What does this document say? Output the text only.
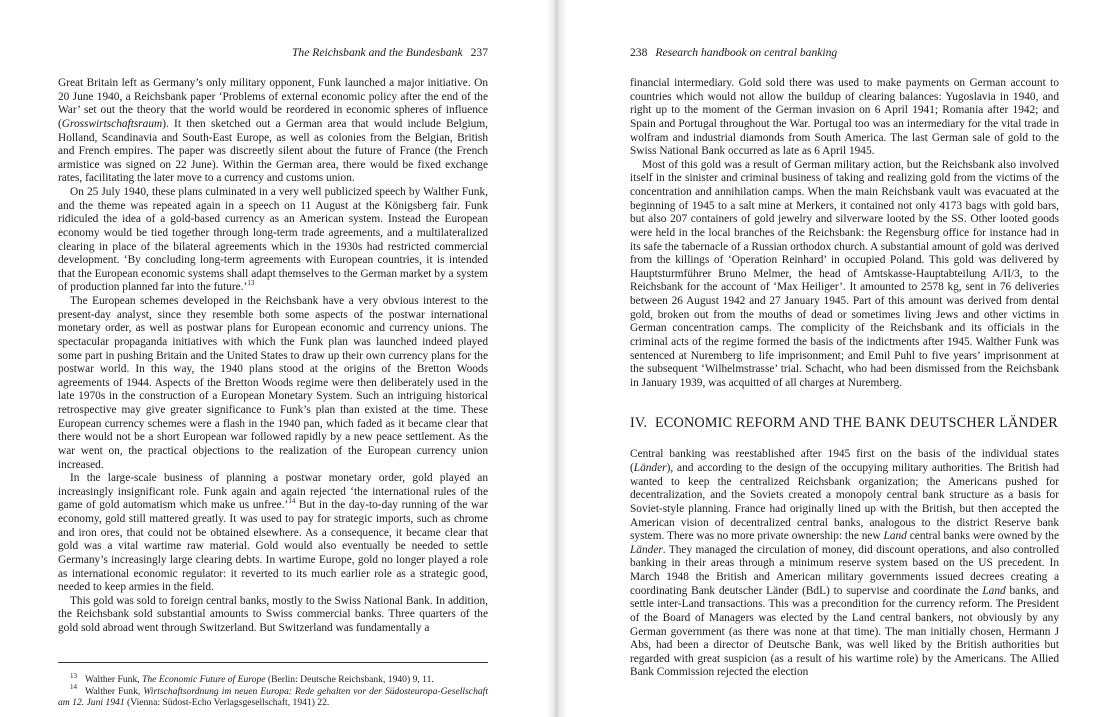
The Reichsbank and the Bundesbank 237

Great Britain left as Germany’s only military opponent, Funk launched a major initiative. On 20 June 1940, a Reichsbank paper ‘Problems of external economic policy after the end of the War’ set out the theory that the world would be reordered in economic spheres of influence (Grosswirtschaftsraum). It then sketched out a German area that would include Belgium, Holland, Scandinavia and South-East Europe, as well as colonies from the Belgian, British and French empires. The paper was discreetly silent about the future of France (the French armistice was signed on 22 June). Within the German area, there would be fixed exchange rates, facilitating the later move to a currency and customs union.

On 25 July 1940, these plans culminated in a very well publicized speech by Walther Funk, and the theme was repeated again in a speech on 11 August at the Königsberg fair. Funk ridiculed the idea of a gold-based currency as an American system. Instead the European economy would be tied together through long-term trade agreements, and a multilateralized clearing in place of the bilateral agreements which in the 1930s had restricted commercial development. ‘By concluding long-term agreements with European countries, it is intended that the European economic systems shall adapt themselves to the German market by a system of production planned far into the future.’$^{13}$

The European schemes developed in the Reichsbank have a very obvious interest to the present-day analyst, since they resemble both some aspects of the postwar international monetary order, as well as postwar plans for European economic and currency unions. The spectacular propaganda initiatives with which the Funk plan was launched indeed played some part in pushing Britain and the United States to draw up their own currency plans for the postwar world. In this way, the 1940 plans stood at the origins of the Bretton Woods agreements of 1944. Aspects of the Bretton Woods regime were then deliberately used in the late 1970s in the construction of a European Monetary System. Such an intriguing historical retrospective may give greater significance to Funk’s plan than existed at the time. These European currency schemes were a flash in the 1940 pan, which faded as it became clear that there would not be a short European war followed rapidly by a new peace settlement. As the war went on, the practical objections to the realization of the European currency union increased.

In the large-scale business of planning a postwar monetary order, gold played an increasingly insignificant role. Funk again and again rejected ‘the international rules of the game of gold automatism which make us unfree.’$^{14}$ But in the day-to-day running of the war economy, gold still mattered greatly. It was used to pay for strategic imports, such as chrome and iron ores, that could not be obtained elsewhere. As a consequence, it became clear that gold was a vital wartime raw material. Gold would also eventually be needed to settle Germany’s increasingly large clearing debts. In wartime Europe, gold no longer played a role as international economic regulator: it reverted to its much earlier role as a strategic good, needed to keep armies in the field.

This gold was sold to foreign central banks, mostly to the Swiss National Bank. In addition, the Reichsbank sold substantial amounts to Swiss commercial banks. Three quarters of the gold sold abroad went through Switzerland. But Switzerland was fundamentally a

$^{13}$ Walther Funk, The Economic Future of Europe (Berlin: Deutsche Reichsbank, 1940) 9, 11.

$^{14}$ Walther Funk, Wirtschaftsordnung im neuen Europa: Rede gehalten vor der Südosteuropa-Gesellschaft am 12. Juni 1941 (Vienna: Südost-Echo Verlagsgesellschaft, 1941) 22.

238 Research handbook on central banking

financial intermediary. Gold sold there was used to make payments on German account to countries which would not allow the buildup of clearing balances: Yugoslavia in 1940, and right up to the moment of the German invasion on 6 April 1941; Romania after 1942; and Spain and Portugal throughout the War. Portugal too was an intermediary for the vital trade in wolfram and industrial diamonds from South America. The last German sale of gold to the Swiss National Bank occurred as late as 6 April 1945.

Most of this gold was a result of German military action, but the Reichsbank also involved itself in the sinister and criminal business of taking and realizing gold from the victims of the concentration and annihilation camps. When the main Reichsbank vault was evacuated at the beginning of 1945 to a salt mine at Merkers, it contained not only 4173 bags with gold bars, but also 207 containers of gold jewelry and silverware looted by the SS. Other looted goods were held in the local branches of the Reichsbank: the Regensburg office for instance had in its safe the tabernacle of a Russian orthodox church. A substantial amount of gold was derived from the killings of ‘Operation Reinhard’ in occupied Poland. This gold was delivered by Hauptsturmführer Bruno Melmer, the head of Amtskasse-Hauptabteilung A/II/3, to the Reichsbank for the account of ‘Max Heiliger’. It amounted to 2578 kg, sent in 76 deliveries between 26 August 1942 and 27 January 1945. Part of this amount was derived from dental gold, broken out from the mouths of dead or sometimes living Jews and other victims in German concentration camps. The complicity of the Reichsbank and its officials in the criminal acts of the regime formed the basis of the indictments after 1945. Walther Funk was sentenced at Nuremberg to life imprisonment; and Emil Puhl to five years’ imprisonment at the subsequent ‘Wilhelmstrasse’ trial. Schacht, who had been dismissed from the Reichsbank in January 1939, was acquitted of all charges at Nuremberg.

IV. ECONOMIC REFORM AND THE BANK DEUTSCHER LÄNDER

Central banking was reestablished after 1945 first on the basis of the individual states (Länder), and according to the design of the occupying military authorities. The British had wanted to keep the centralized Reichsbank organization; the Americans pushed for decentralization, and the Soviets created a monopoly central bank structure as a basis for Soviet-style planning. France had originally lined up with the British, but then accepted the American vision of decentralized central banks, analogous to the district Reserve bank system. There was no more private ownership: the new Land central banks were owned by the Länder. They managed the circulation of money, did discount operations, and also controlled banking in their areas through a minimum reserve system based on the US precedent. In March 1948 the British and American military governments issued decrees creating a coordinating Bank deutscher Länder (BdL) to supervise and coordinate the Land banks, and settle inter-Land transactions. This was a precondition for the currency reform. The President of the Board of Managers was elected by the Land central bankers, not obviously by any German government (as there was none at that time). The man initially chosen, Hermann J Abs, had been a director of Deutsche Bank, was well liked by the British authorities but regarded with great suspicion (as a result of his wartime role) by the Americans. The Allied Bank Commission rejected the election
